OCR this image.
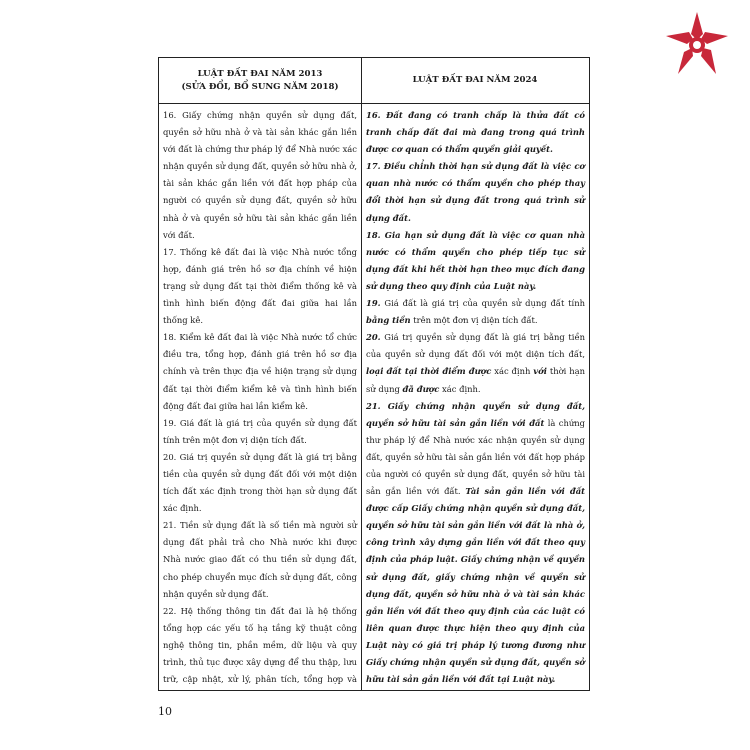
LUẬT ĐẤT ĐAI NĂM 2013
(SỬA ĐỔI, BỔ SUNG NĂM 2018)
LUẬT ĐẤT ĐAI NĂM 2024

16. Giấy chứng nhận quyền sử dụng đất, quyền sở hữu nhà ở và tài sản khác gắn liền với đất là chứng thư pháp lý để Nhà nước xác nhận quyền sử dụng đất, quyền sở hữu nhà ở, tài sản khác gắn liền với đất hợp pháp của người có quyền sử dụng đất, quyền sở hữu nhà ở và quyền sở hữu tài sản khác gắn liền với đất.

17. Thống kê đất đai là việc Nhà nước tổng hợp, đánh giá trên hồ sơ địa chính về hiện trạng sử dụng đất tại thời điểm thống kê và tình hình biến động đất đai giữa hai lần thống kê.

18. Kiểm kê đất đai là việc Nhà nước tổ chức điều tra, tổng hợp, đánh giá trên hồ sơ địa chính và trên thực địa về hiện trạng sử dụng đất tại thời điểm kiểm kê và tình hình biến động đất đai giữa hai lần kiểm kê.

19. Giá đất là giá trị của quyền sử dụng đất tính trên một đơn vị diện tích đất.

20. Giá trị quyền sử dụng đất là giá trị bằng tiền của quyền sử dụng đất đối với một diện tích đất xác định trong thời hạn sử dụng đất xác định.

21. Tiền sử dụng đất là số tiền mà người sử dụng đất phải trả cho Nhà nước khi được Nhà nước giao đất có thu tiền sử dụng đất, cho phép chuyển mục đích sử dụng đất, công nhận quyền sử dụng đất.

22. Hệ thống thông tin đất đai là hệ thống tổng hợp các yếu tố hạ tầng kỹ thuật công nghệ thông tin, phần mềm, dữ liệu và quy trình, thủ tục được xây dựng để thu thập, lưu trữ, cập nhật, xử lý, phân tích, tổng hợp và

16. Đất đang có tranh chấp là thửa đất có tranh chấp đất đai mà đang trong quá trình được cơ quan có thẩm quyền giải quyết.

17. Điều chỉnh thời hạn sử dụng đất là việc cơ quan nhà nước có thẩm quyền cho phép thay đổi thời hạn sử dụng đất trong quá trình sử dụng đất.

18. Gia hạn sử dụng đất là việc cơ quan nhà nước có thẩm quyền cho phép tiếp tục sử dụng đất khi hết thời hạn theo mục đích đang sử dụng theo quy định của Luật này.

19. Giá đất là giá trị của quyền sử dụng đất tính bằng tiền trên một đơn vị diện tích đất.

20. Giá trị quyền sử dụng đất là giá trị bằng tiền của quyền sử dụng đất đối với một diện tích đất, loại đất tại thời điểm được xác định với thời hạn sử dụng đã được xác định.

21. Giấy chứng nhận quyền sử dụng đất, quyền sở hữu tài sản gắn liền với đất là chứng thư pháp lý để Nhà nước xác nhận quyền sử dụng đất, quyền sở hữu tài sản gắn liền với đất hợp pháp của người có quyền sử dụng đất, quyền sở hữu tài sản gắn liền với đất. Tài sản gắn liền với đất được cấp Giấy chứng nhận quyền sử dụng đất, quyền sở hữu tài sản gắn liền với đất là nhà ở, công trình xây dựng gắn liền với đất theo quy định của pháp luật. Giấy chứng nhận về quyền sử dụng đất, giấy chứng nhận về quyền sử dụng đất, quyền sở hữu nhà ở và tài sản khác gắn liền với đất theo quy định của các luật có liên quan được thực hiện theo quy định của Luật này có giá trị pháp lý tương đương như Giấy chứng nhận quyền sử dụng đất, quyền sở hữu tài sản gắn liền với đất tại Luật này.

10
